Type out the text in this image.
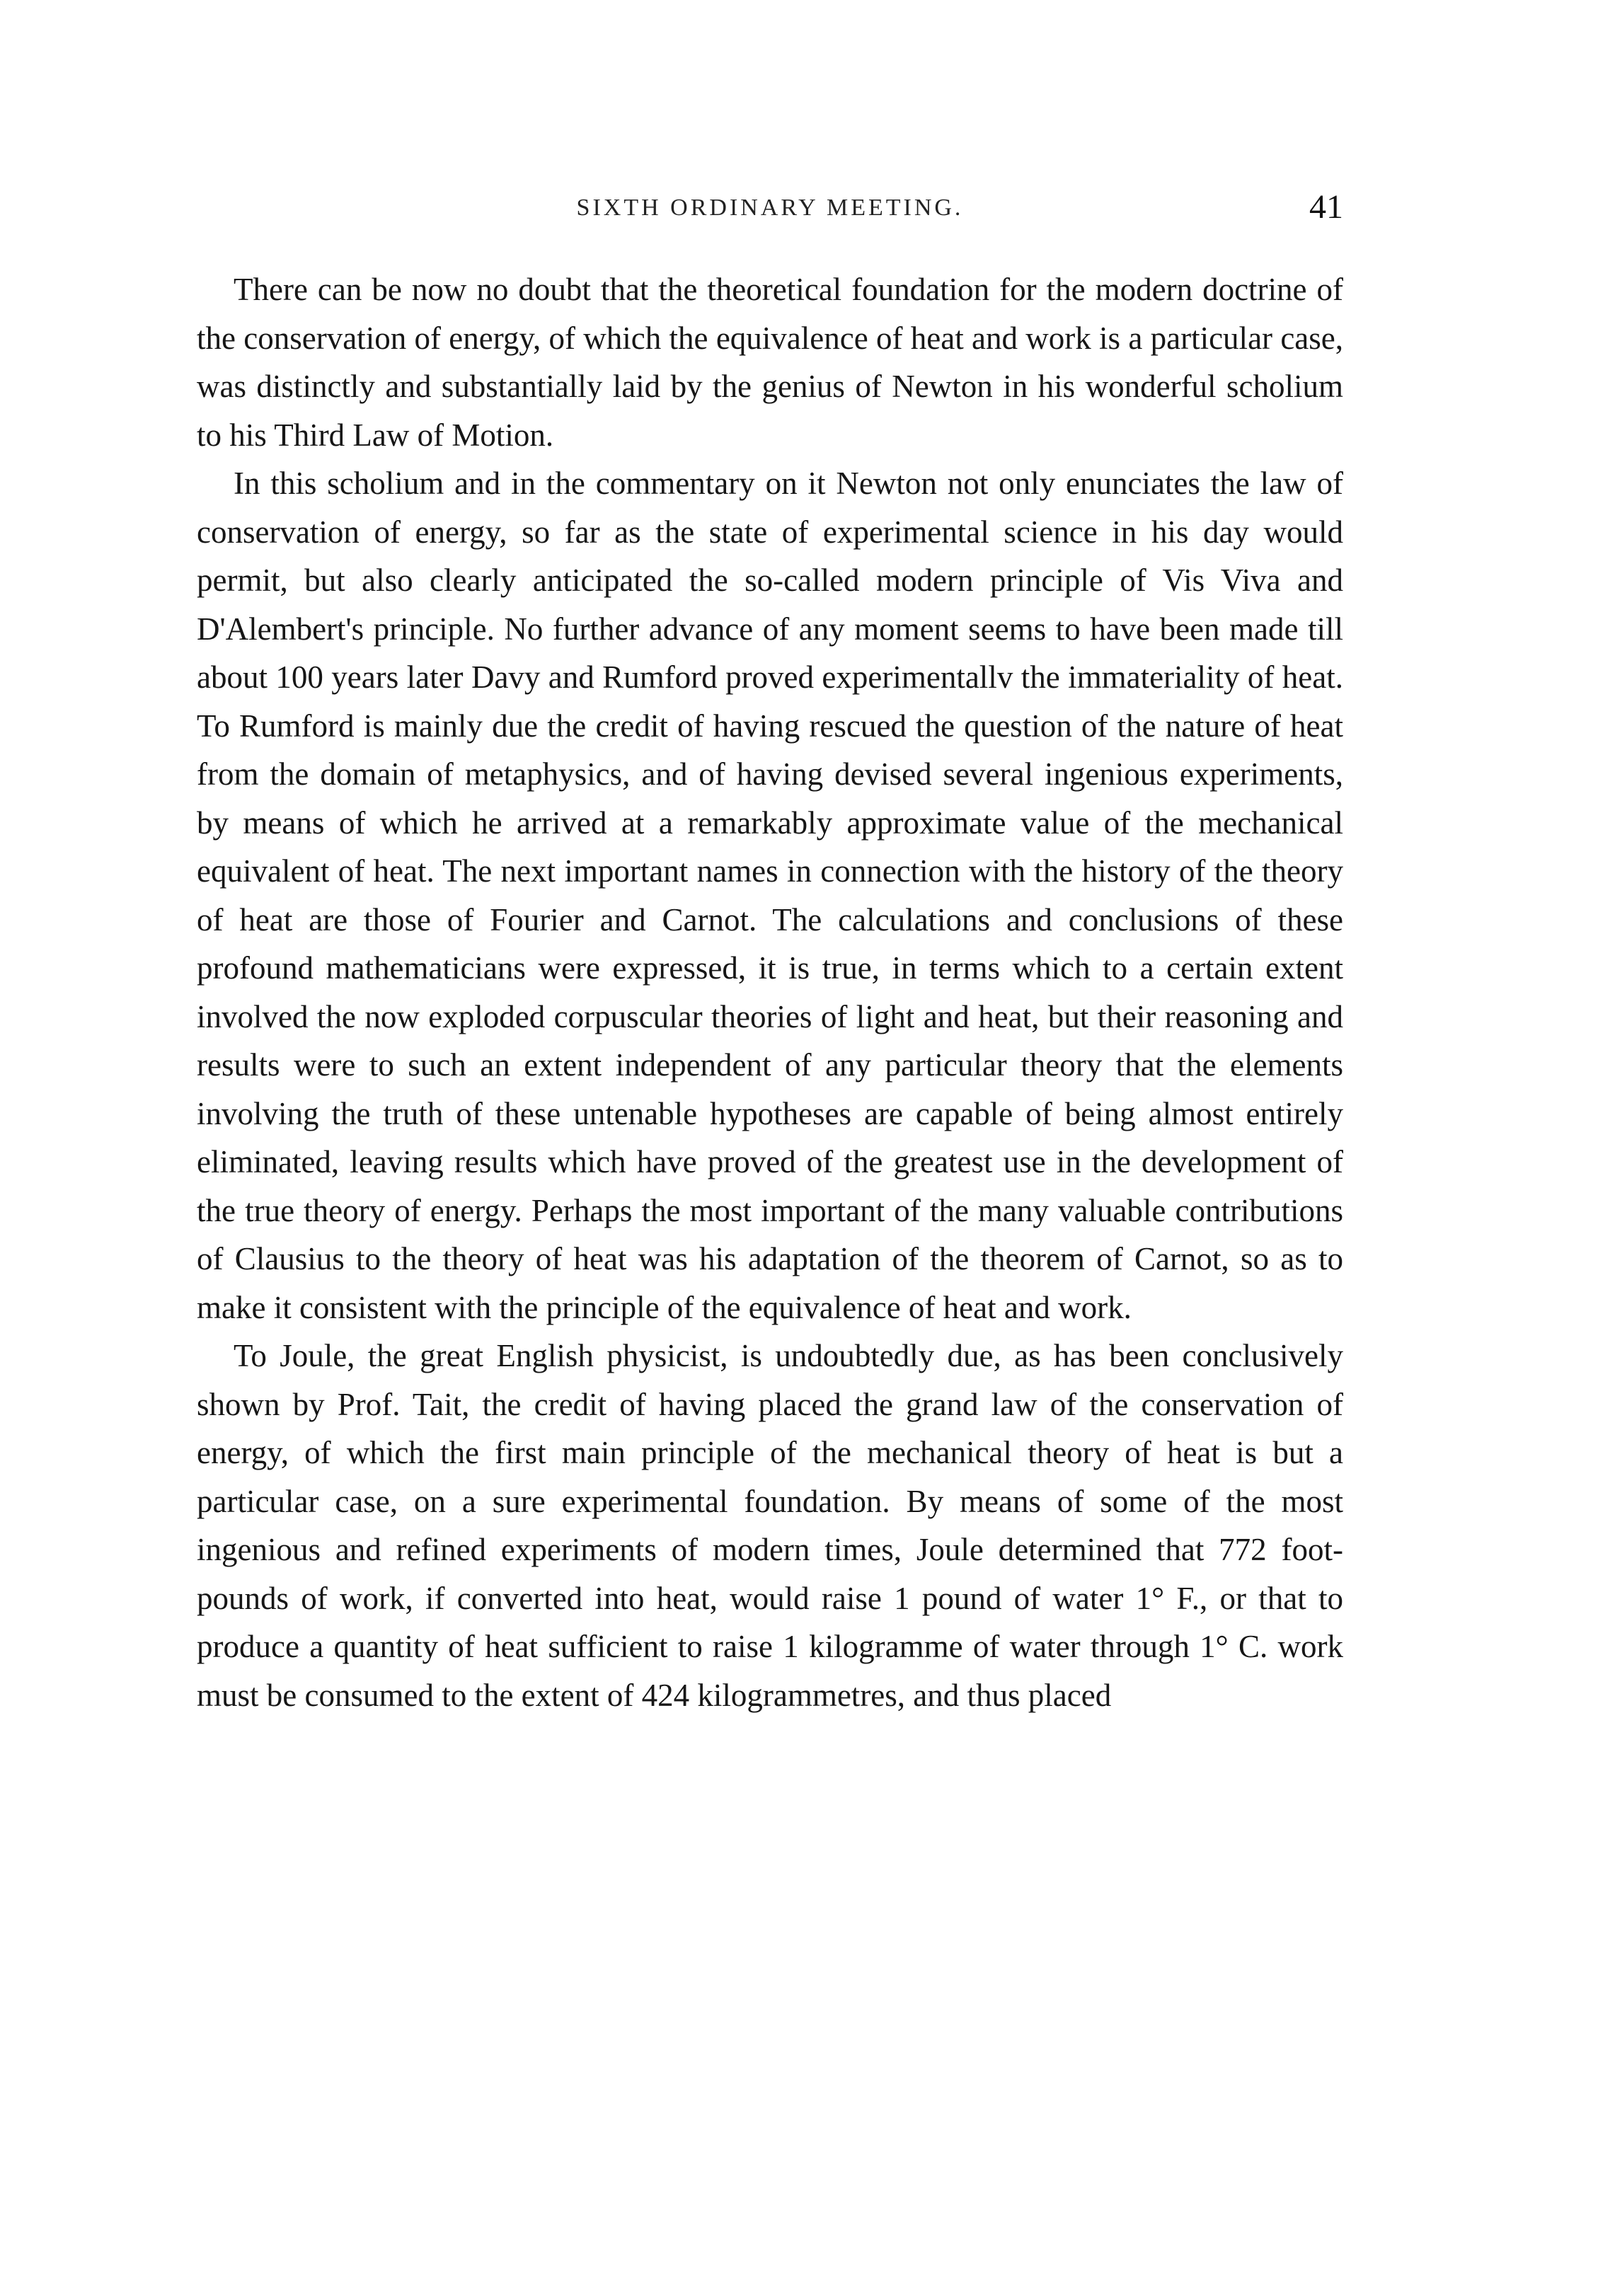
SIXTH ORDINARY MEETING.	41

There can be now no doubt that the theoretical foundation for the modern doctrine of the conservation of energy, of which the equivalence of heat and work is a particular case, was distinctly and substantially laid by the genius of Newton in his wonderful scholium to his Third Law of Motion.

In this scholium and in the commentary on it Newton not only enunciates the law of conservation of energy, so far as the state of experimental science in his day would permit, but also clearly anticipated the so-called modern principle of Vis Viva and D'Alembert's principle. No further advance of any moment seems to have been made till about 100 years later Davy and Rumford proved experimentallv the immateriality of heat. To Rumford is mainly due the credit of having rescued the question of the nature of heat from the domain of metaphysics, and of having devised several ingenious experiments, by means of which he arrived at a remarkably approximate value of the mechanical equivalent of heat. The next important names in connection with the history of the theory of heat are those of Fourier and Carnot. The calculations and conclusions of these profound mathematicians were expressed, it is true, in terms which to a certain extent involved the now exploded corpuscular theories of light and heat, but their reasoning and results were to such an extent independent of any particular theory that the elements involving the truth of these untenable hypotheses are capable of being almost entirely eliminated, leaving results which have proved of the greatest use in the development of the true theory of energy. Perhaps the most important of the many valuable contributions of Clausius to the theory of heat was his adaptation of the theorem of Carnot, so as to make it consistent with the principle of the equivalence of heat and work.

To Joule, the great English physicist, is undoubtedly due, as has been conclusively shown by Prof. Tait, the credit of having placed the grand law of the conservation of energy, of which the first main principle of the mechanical theory of heat is but a particular case, on a sure experimental foundation. By means of some of the most ingenious and refined experiments of modern times, Joule determined that 772 foot-pounds of work, if converted into heat, would raise 1 pound of water 1° F., or that to produce a quantity of heat sufficient to raise 1 kilogramme of water through 1° C. work must be consumed to the extent of 424 kilogrammetres, and thus placed
